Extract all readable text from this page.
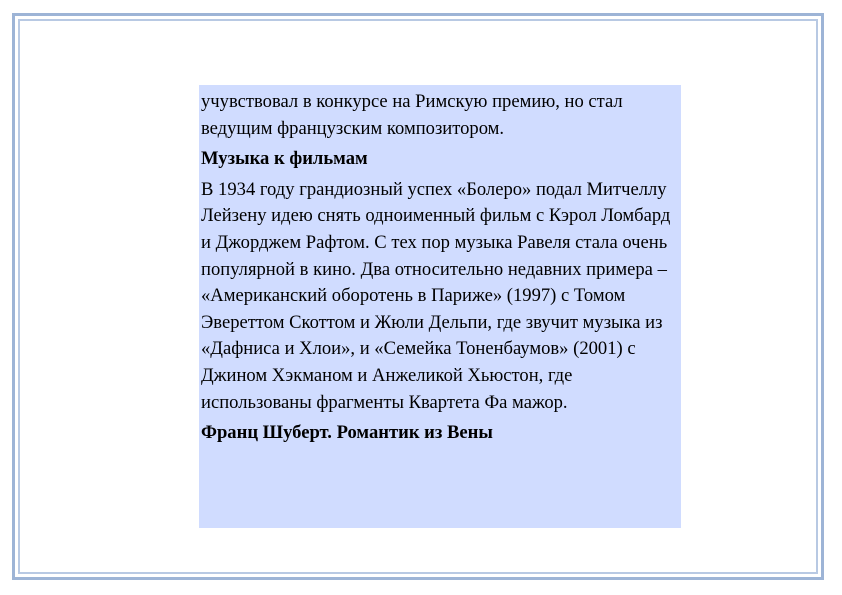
учувствовал в конкурсе на Римскую премию, но стал ведущим французским композитором.

Музыка к фильмам

В 1934 году грандиозный успех «Болеро» подал Митчеллу Лейзену идею снять одноименный фильм с Кэрол Ломбард и Джорджем Рафтом. С тех пор музыка Равеля стала очень популярной в кино. Два относительно недавних примера – «Американский оборотень в Париже» (1997) с Томом Эвереттом Скоттом и Жюли Дельпи, где звучит музыка из «Дафниса и Хлои», и «Семейка Тоненбаумов» (2001) с Джином Хэкманом и Анжеликой Хьюстон, где использованы фрагменты Квартета Фа мажор.

Франц Шуберт. Романтик из Вены
